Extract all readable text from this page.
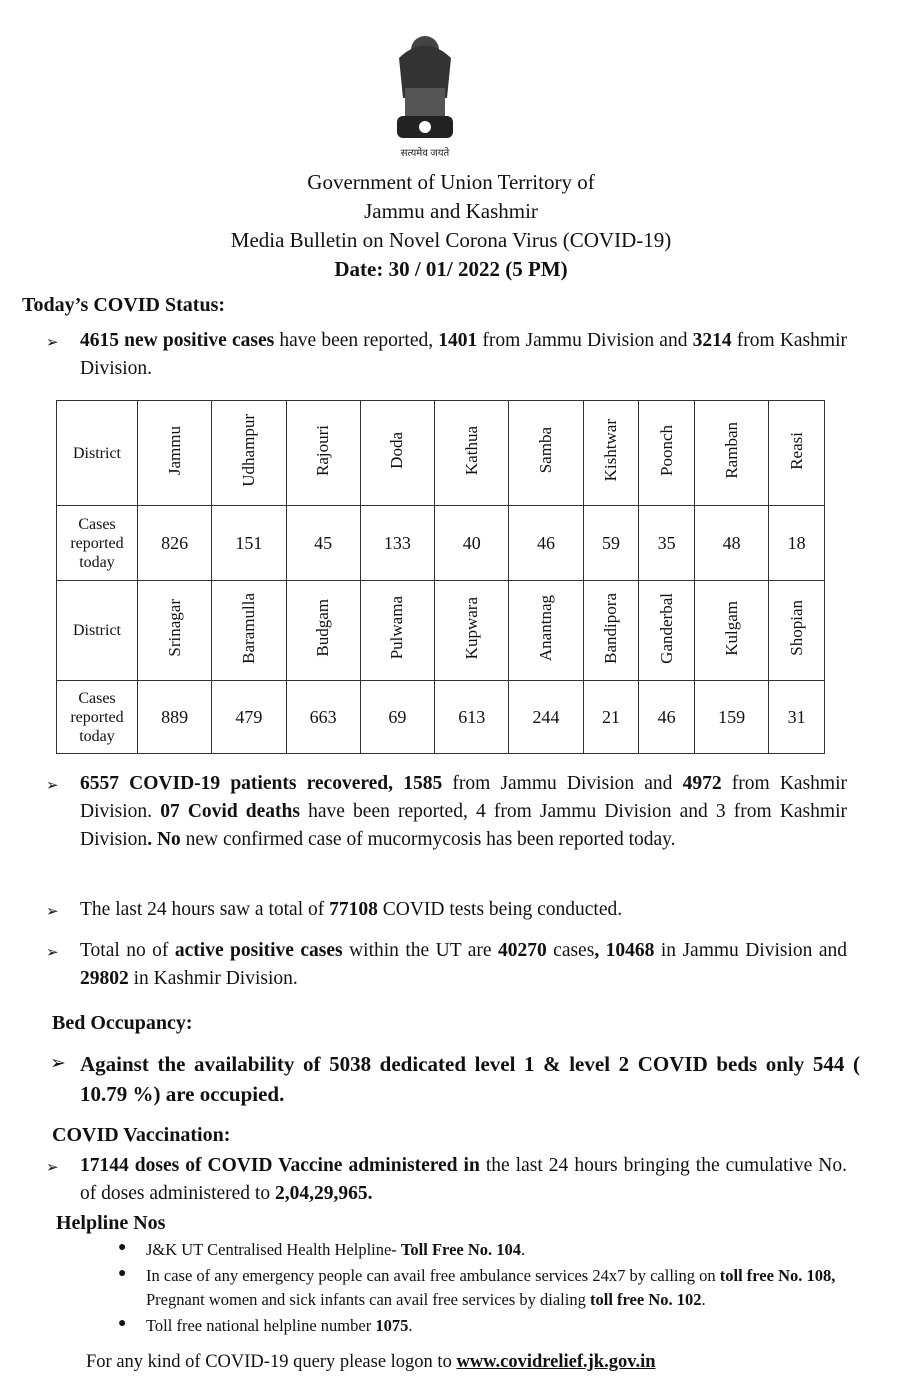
सत्यमेव जयते
Government of Union Territory of
Jammu and Kashmir
Media Bulletin on Novel Corona Virus (COVID-19)
Date: 30 / 01/ 2022 (5 PM)
Today’s COVID Status:
➢ 4615 new positive cases have been reported, 1401 from Jammu Division and 3214 from Kashmir Division.
District	Jammu	Udhampur	Rajouri	Doda	Kathua	Samba	Kishtwar	Poonch	Ramban	Reasi
Cases reported today	826	151	45	133	40	46	59	35	48	18
District	Srinagar	Baramulla	Budgam	Pulwama	Kupwara	Anantnag	Bandipora	Ganderbal	Kulgam	Shopian
Cases reported today	889	479	663	69	613	244	21	46	159	31
➢ 6557 COVID-19 patients recovered, 1585 from Jammu Division and 4972 from Kashmir Division. 07 Covid deaths have been reported, 4 from Jammu Division and 3 from Kashmir Division. No new confirmed case of mucormycosis has been reported today.
➢ The last 24 hours saw a total of 77108 COVID tests being conducted.
➢ Total no of active positive cases within the UT are 40270 cases, 10468 in Jammu Division and 29802 in Kashmir Division.
Bed Occupancy:
➢ Against the availability of 5038 dedicated level 1 & level 2 COVID beds only 544 ( 10.79 %) are occupied.
COVID Vaccination:
➢ 17144 doses of COVID Vaccine administered in the last 24 hours bringing the cumulative No. of doses administered to 2,04,29,965.
Helpline Nos
● J&K UT Centralised Health Helpline- Toll Free No. 104.
● In case of any emergency people can avail free ambulance services 24x7 by calling on toll free No. 108, Pregnant women and sick infants can avail free services by dialing toll free No. 102.
● Toll free national helpline number 1075.
For any kind of COVID-19 query please logon to www.covidrelief.jk.gov.in
